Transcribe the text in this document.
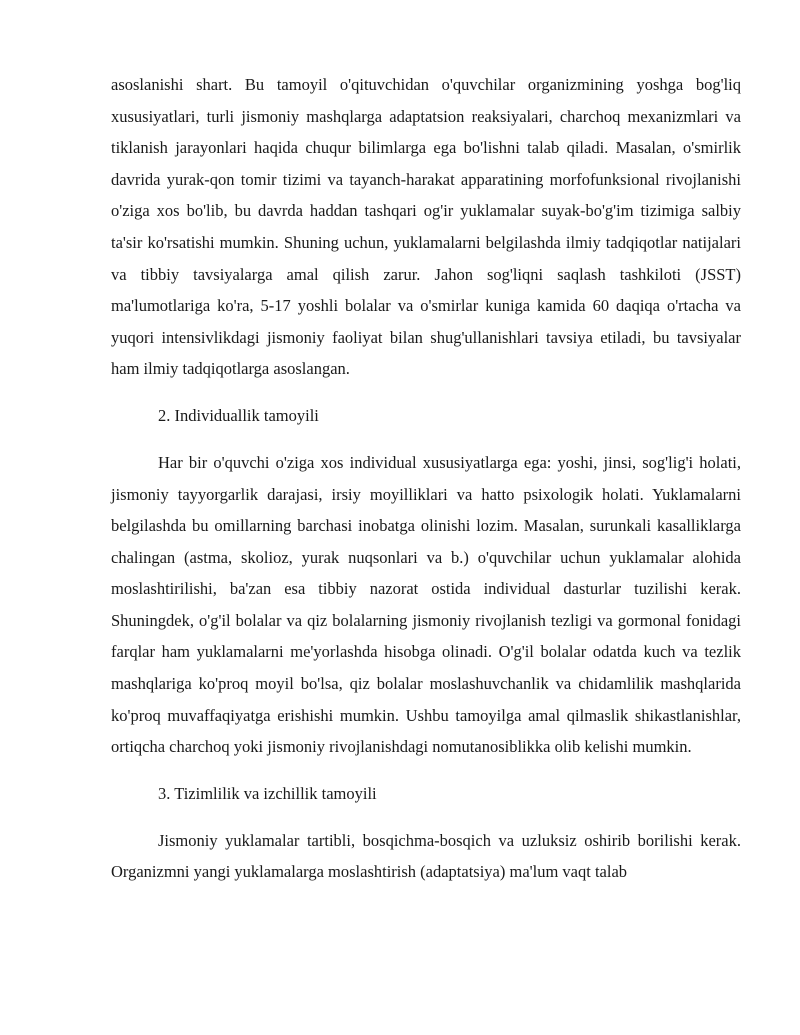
asoslanishi shart. Bu tamoyil o'qituvchidan o'quvchilar organizmining yoshga bog'liq xususiyatlari, turli jismoniy mashqlarga adaptatsion reaksiyalari, charchoq mexanizmlari va tiklanish jarayonlari haqida chuqur bilimlarga ega bo'lishni talab qiladi. Masalan, o'smirlik davrida yurak-qon tomir tizimi va tayanch-harakat apparatining morfofunksional rivojlanishi o'ziga xos bo'lib, bu davrda haddan tashqari og'ir yuklamalar suyak-bo'g'im tizimiga salbiy ta'sir ko'rsatishi mumkin. Shuning uchun, yuklamalarni belgilashda ilmiy tadqiqotlar natijalari va tibbiy tavsiyalarga amal qilish zarur. Jahon sog'liqni saqlash tashkiloti (JSST) ma'lumotlariga ko'ra, 5-17 yoshli bolalar va o'smirlar kuniga kamida 60 daqiqa o'rtacha va yuqori intensivlikdagi jismoniy faoliyat bilan shug'ullanishlari tavsiya etiladi, bu tavsiyalar ham ilmiy tadqiqotlarga asoslangan.

2. Individuallik tamoyili

Har bir o'quvchi o'ziga xos individual xususiyatlarga ega: yoshi, jinsi, sog'lig'i holati, jismoniy tayyorgarlik darajasi, irsiy moyilliklari va hatto psixologik holati. Yuklamalarni belgilashda bu omillarning barchasi inobatga olinishi lozim. Masalan, surunkali kasalliklarga chalingan (astma, skolioz, yurak nuqsonlari va b.) o'quvchilar uchun yuklamalar alohida moslashtirilishi, ba'zan esa tibbiy nazorat ostida individual dasturlar tuzilishi kerak. Shuningdek, o'g'il bolalar va qiz bolalarning jismoniy rivojlanish tezligi va gormonal fonidagi farqlar ham yuklamalarni me'yorlashda hisobga olinadi. O'g'il bolalar odatda kuch va tezlik mashqlariga ko'proq moyil bo'lsa, qiz bolalar moslashuvchanlik va chidamlilik mashqlarida ko'proq muvaffaqiyatga erishishi mumkin. Ushbu tamoyilga amal qilmaslik shikastlanishlar, ortiqcha charchoq yoki jismoniy rivojlanishdagi nomutanosiblikka olib kelishi mumkin.

3. Tizimlilik va izchillik tamoyili

Jismoniy yuklamalar tartibli, bosqichma-bosqich va uzluksiz oshirib borilishi kerak. Organizmni yangi yuklamalarga moslashtirish (adaptatsiya) ma'lum vaqt talab
